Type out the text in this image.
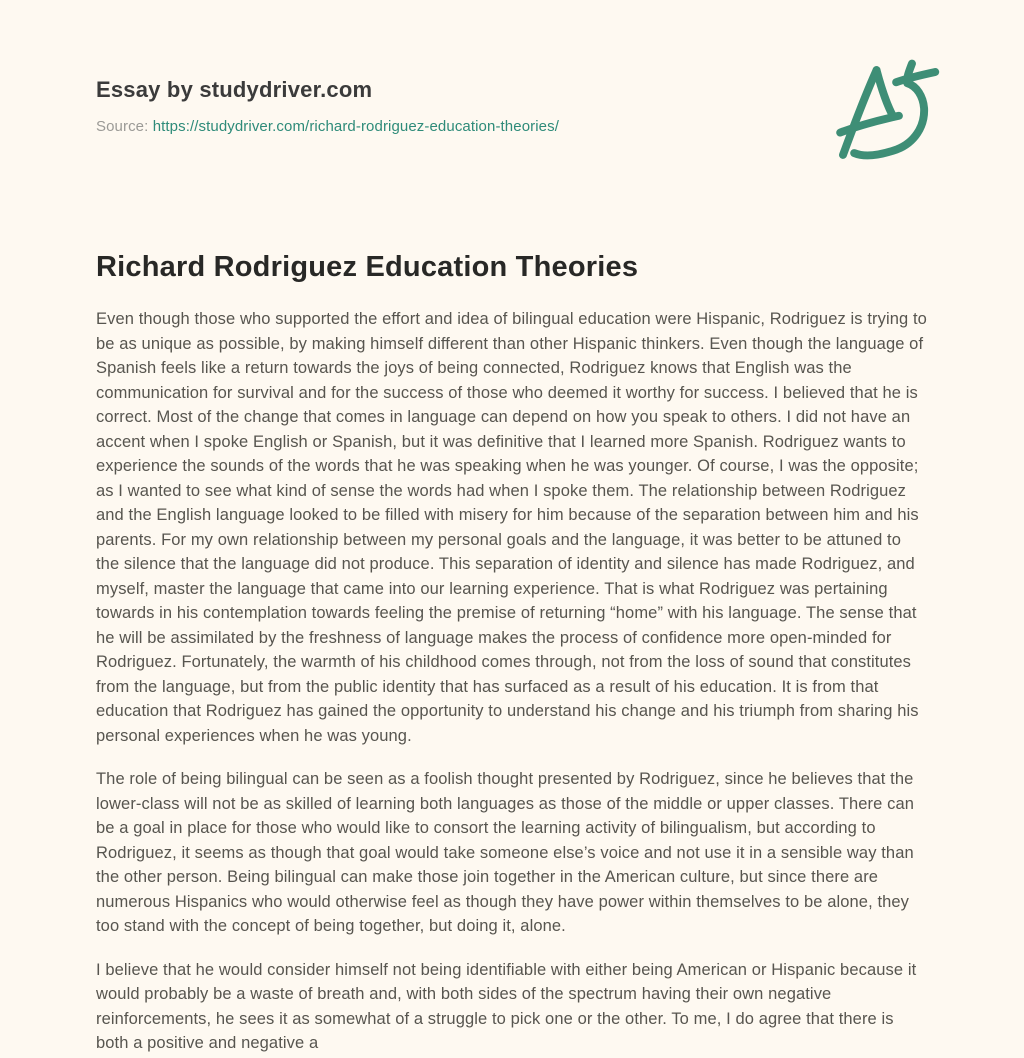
Essay by studydriver.com
Source: https://studydriver.com/richard-rodriguez-education-theories/
Richard Rodriguez Education Theories

Even though those who supported the effort and idea of bilingual education were Hispanic, Rodriguez is trying to be as unique as possible, by making himself different than other Hispanic thinkers. Even though the language of Spanish feels like a return towards the joys of being connected, Rodriguez knows that English was the communication for survival and for the success of those who deemed it worthy for success. I believed that he is correct. Most of the change that comes in language can depend on how you speak to others. I did not have an accent when I spoke English or Spanish, but it was definitive that I learned more Spanish. Rodriguez wants to experience the sounds of the words that he was speaking when he was younger. Of course, I was the opposite; as I wanted to see what kind of sense the words had when I spoke them. The relationship between Rodriguez and the English language looked to be filled with misery for him because of the separation between him and his parents. For my own relationship between my personal goals and the language, it was better to be attuned to the silence that the language did not produce. This separation of identity and silence has made Rodriguez, and myself, master the language that came into our learning experience. That is what Rodriguez was pertaining towards in his contemplation towards feeling the premise of returning “home” with his language. The sense that he will be assimilated by the freshness of language makes the process of confidence more open-minded for Rodriguez. Fortunately, the warmth of his childhood comes through, not from the loss of sound that constitutes from the language, but from the public identity that has surfaced as a result of his education. It is from that education that Rodriguez has gained the opportunity to understand his change and his triumph from sharing his personal experiences when he was young.

The role of being bilingual can be seen as a foolish thought presented by Rodriguez, since he believes that the lower-class will not be as skilled of learning both languages as those of the middle or upper classes. There can be a goal in place for those who would like to consort the learning activity of bilingualism, but according to Rodriguez, it seems as though that goal would take someone else’s voice and not use it in a sensible way than the other person. Being bilingual can make those join together in the American culture, but since there are numerous Hispanics who would otherwise feel as though they have power within themselves to be alone, they too stand with the concept of being together, but doing it, alone.

I believe that he would consider himself not being identifiable with either being American or Hispanic because it would probably be a waste of breath and, with both sides of the spectrum having their own negative reinforcements, he sees it as somewhat of a struggle to pick one or the other. To me, I do agree that there is both a positive and negative a
